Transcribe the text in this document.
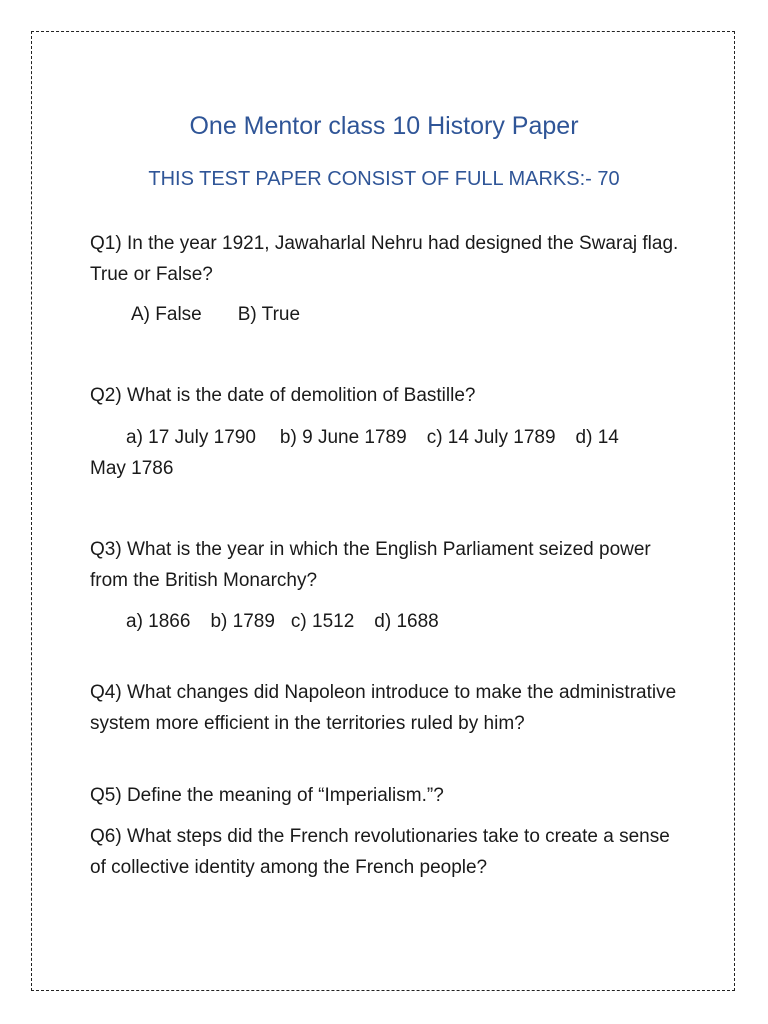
One Mentor class 10 History Paper
THIS TEST PAPER CONSIST OF FULL MARKS:- 70

Q1) In the year 1921, Jawaharlal Nehru had designed the Swaraj flag. True or False?

A) False B) True

Q2) What is the date of demolition of Bastille?

a) 17 July 1790 b) 9 June 1789 c) 14 July 1789 d) 14
May 1786

Q3) What is the year in which the English Parliament seized power from the British Monarchy?

a) 1866 b) 1789 c) 1512 d) 1688

Q4) What changes did Napoleon introduce to make the administrative system more efficient in the territories ruled by him?

Q5) Define the meaning of “Imperialism.”?

Q6) What steps did the French revolutionaries take to create a sense of collective identity among the French people?
